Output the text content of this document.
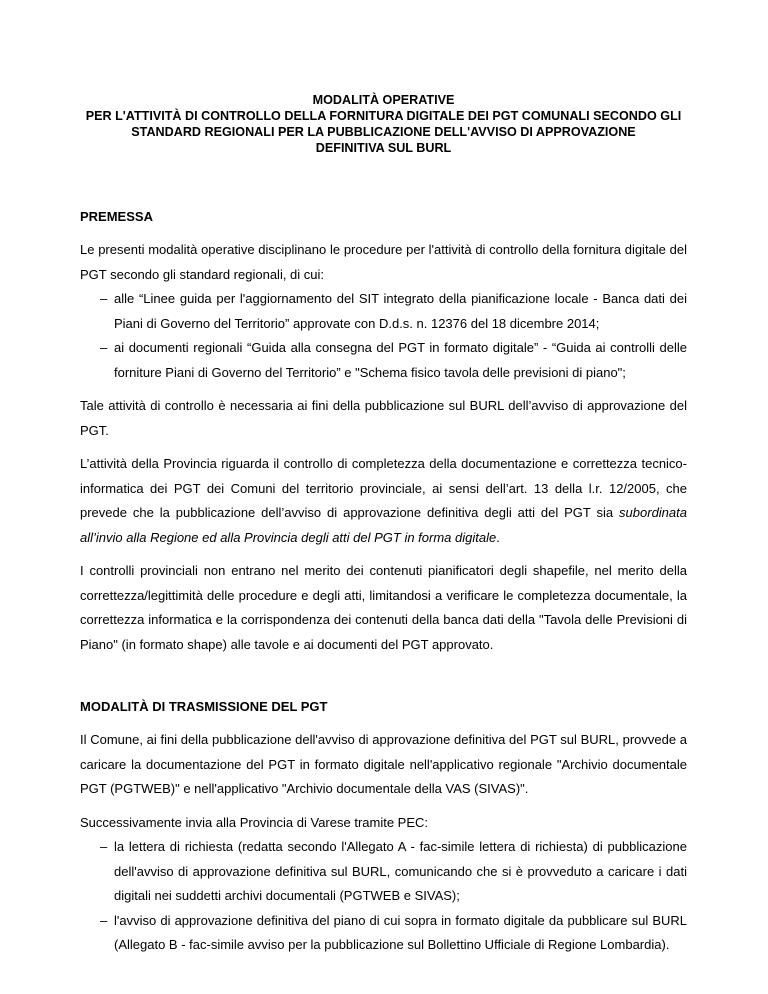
MODALITÀ OPERATIVE
PER L'ATTIVITÀ DI CONTROLLO DELLA FORNITURA DIGITALE DEI PGT COMUNALI SECONDO GLI
STANDARD REGIONALI PER LA PUBBLICAZIONE DELL'AVVISO DI APPROVAZIONE
DEFINITIVA SUL BURL
PREMESSA

Le presenti modalità operative disciplinano le procedure per l'attività di controllo della fornitura digitale del PGT secondo gli standard regionali, di cui:

– alle “Linee guida per l'aggiornamento del SIT integrato della pianificazione locale - Banca dati dei Piani di Governo del Territorio” approvate con D.d.s. n. 12376 del 18 dicembre 2014;
– ai documenti regionali “Guida alla consegna del PGT in formato digitale” - “Guida ai controlli delle forniture Piani di Governo del Territorio” e "Schema fisico tavola delle previsioni di piano";

Tale attività di controllo è necessaria ai fini della pubblicazione sul BURL dell’avviso di approvazione del PGT.

L’attività della Provincia riguarda il controllo di completezza della documentazione e correttezza tecnico-informatica dei PGT dei Comuni del territorio provinciale, ai sensi dell’art. 13 della l.r. 12/2005, che prevede che la pubblicazione dell’avviso di approvazione definitiva degli atti del PGT sia subordinata all’invio alla Regione ed alla Provincia degli atti del PGT in forma digitale.

I controlli provinciali non entrano nel merito dei contenuti pianificatori degli shapefile, nel merito della correttezza/legittimità delle procedure e degli atti, limitandosi a verificare le completezza documentale, la correttezza informatica e la corrispondenza dei contenuti della banca dati della "Tavola delle Previsioni di Piano" (in formato shape) alle tavole e ai documenti del PGT approvato.

MODALITÀ DI TRASMISSIONE DEL PGT

Il Comune, ai fini della pubblicazione dell'avviso di approvazione definitiva del PGT sul BURL, provvede a caricare la documentazione del PGT in formato digitale nell'applicativo regionale "Archivio documentale PGT (PGTWEB)" e nell'applicativo "Archivio documentale della VAS (SIVAS)".

Successivamente invia alla Provincia di Varese tramite PEC:

– la lettera di richiesta (redatta secondo l'Allegato A - fac-simile lettera di richiesta) di pubblicazione dell'avviso di approvazione definitiva sul BURL, comunicando che si è provveduto a caricare i dati digitali nei suddetti archivi documentali (PGTWEB e SIVAS);
– l'avviso di approvazione definitiva del piano di cui sopra in formato digitale da pubblicare sul BURL (Allegato B - fac-simile avviso per la pubblicazione sul Bollettino Ufficiale di Regione Lombardia).
